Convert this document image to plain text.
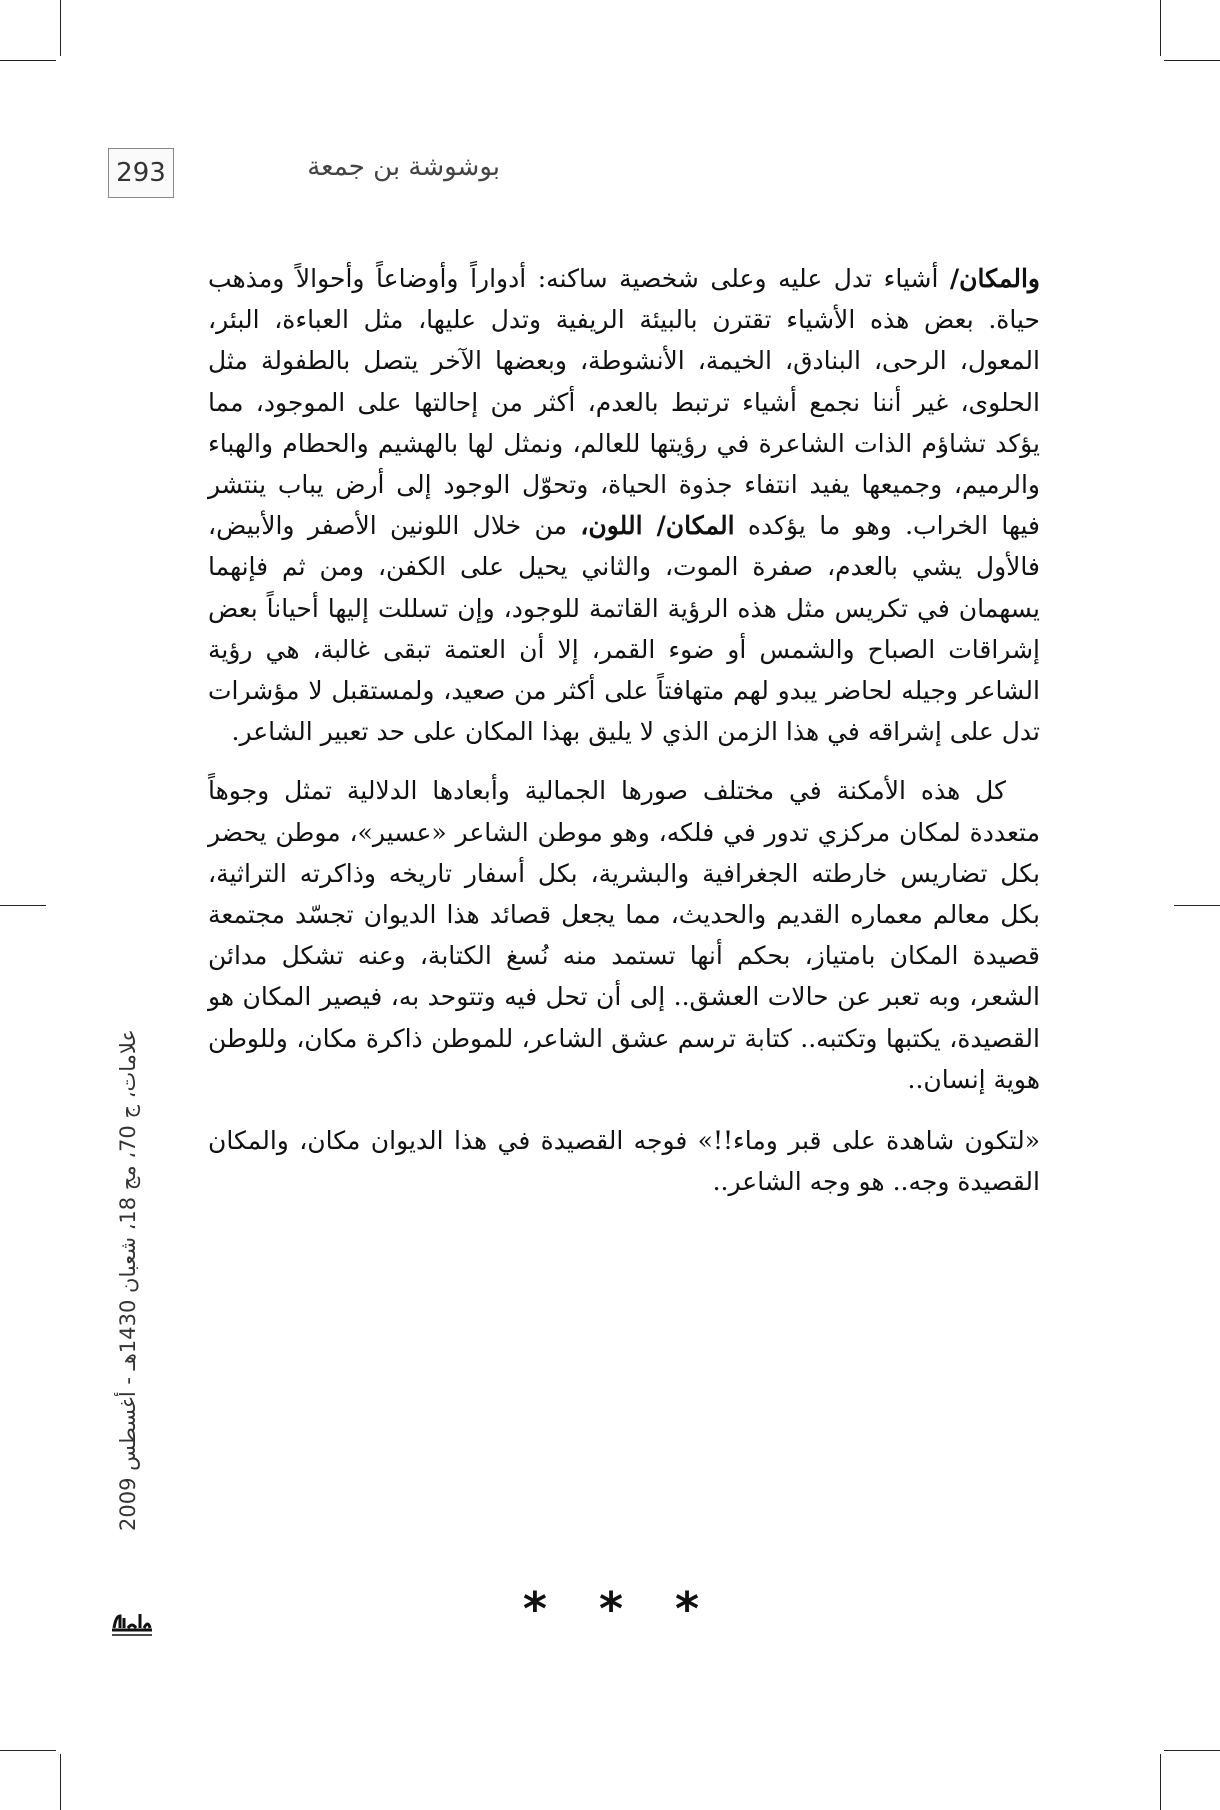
293	بوشوشة بن جمعة

والمكان/ أشياء تدل عليه وعلى شخصية ساكنه: أدواراً وأوضاعاً وأحوالاً ومذهب حياة. بعض هذه الأشياء تقترن بالبيئة الريفية وتدل عليها، مثل العباءة، البئر، المعول، الرحى، البنادق، الخيمة، الأنشوطة، وبعضها الآخر يتصل بالطفولة مثل الحلوى، غير أننا نجمع أشياء ترتبط بالعدم، أكثر من إحالتها على الموجود، مما يؤكد تشاؤم الذات الشاعرة في رؤيتها للعالم، ونمثل لها بالهشيم والحطام والهباء والرميم، وجميعها يفيد انتفاء جذوة الحياة، وتحوّل الوجود إلى أرض يباب ينتشر فيها الخراب. وهو ما يؤكده المكان/ اللون، من خلال اللونين الأصفر والأبيض، فالأول يشي بالعدم، صفرة الموت، والثاني يحيل على الكفن، ومن ثم فإنهما يسهمان في تكريس مثل هذه الرؤية القاتمة للوجود، وإن تسللت إليها أحياناً بعض إشراقات الصباح والشمس أو ضوء القمر، إلا أن العتمة تبقى غالبة، هي رؤية الشاعر وجيله لحاضر يبدو لهم متهافتاً على أكثر من صعيد، ولمستقبل لا مؤشرات تدل على إشراقه في هذا الزمن الذي لا يليق بهذا المكان على حد تعبير الشاعر.

كل هذه الأمكنة في مختلف صورها الجمالية وأبعادها الدلالية تمثل وجوهاً متعددة لمكان مركزي تدور في فلكه، وهو موطن الشاعر «عسير»، موطن يحضر بكل تضاريس خارطته الجغرافية والبشرية، بكل أسفار تاريخه وذاكرته التراثية، بكل معالم معماره القديم والحديث، مما يجعل قصائد هذا الديوان تجسّد مجتمعة قصيدة المكان بامتياز، بحكم أنها تستمد منه نُسغ الكتابة، وعنه تشكل مدائن الشعر، وبه تعبر عن حالات العشق.. إلى أن تحل فيه وتتوحد به، فيصير المكان هو القصيدة، يكتبها وتكتبه.. كتابة ترسم عشق الشاعر، للموطن ذاكرة مكان، وللوطن هوية إنسان..

«لتكون شاهدة على قبر وماء!!» فوجه القصيدة في هذا الديوان مكان، والمكان القصيدة وجه.. هو وجه الشاعر..

* * *
علامات، ج 70، مج 18، شعبان 1430هـ - أغسطس 2009
